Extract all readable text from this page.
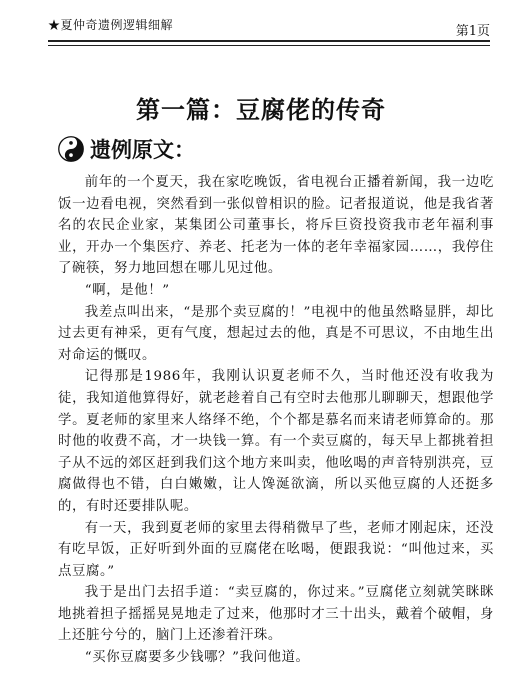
★夏仲奇遗例逻辑细解	第1页
第一篇：豆腐佬的传奇
遗例原文：

前年的一个夏天，我在家吃晚饭，省电视台正播着新闻，我一边吃饭一边看电视，突然看到一张似曾相识的脸。记者报道说，他是我省著名的农民企业家，某集团公司董事长，将斥巨资投资我市老年福利事业，开办一个集医疗、养老、托老为一体的老年幸福家园……，我停住了碗筷，努力地回想在哪儿见过他。

“啊，是他！”

我差点叫出来，“是那个卖豆腐的！”电视中的他虽然略显胖，却比过去更有神采，更有气度，想起过去的他，真是不可思议，不由地生出对命运的慨叹。

记得那是1986年，我刚认识夏老师不久，当时他还没有收我为徒，我知道他算得好，就老趁着自己有空时去他那儿聊聊天，想跟他学学。夏老师的家里来人络绎不绝，个个都是慕名而来请老师算命的。那时他的收费不高，才一块钱一算。有一个卖豆腐的，每天早上都挑着担子从不远的郊区赶到我们这个地方来叫卖，他吆喝的声音特别洪亮，豆腐做得也不错，白白嫩嫩，让人馋涎欲滴，所以买他豆腐的人还挺多的，有时还要排队呢。

有一天，我到夏老师的家里去得稍微早了些，老师才刚起床，还没有吃早饭，正好听到外面的豆腐佬在吆喝，便跟我说：“叫他过来，买点豆腐。”

我于是出门去招手道：“卖豆腐的，你过来。”豆腐佬立刻就笑眯眯地挑着担子摇摇晃晃地走了过来，他那时才三十出头，戴着个破帽，身上还脏兮兮的，脑门上还渗着汗珠。

“买你豆腐要多少钱哪？”我问他道。
